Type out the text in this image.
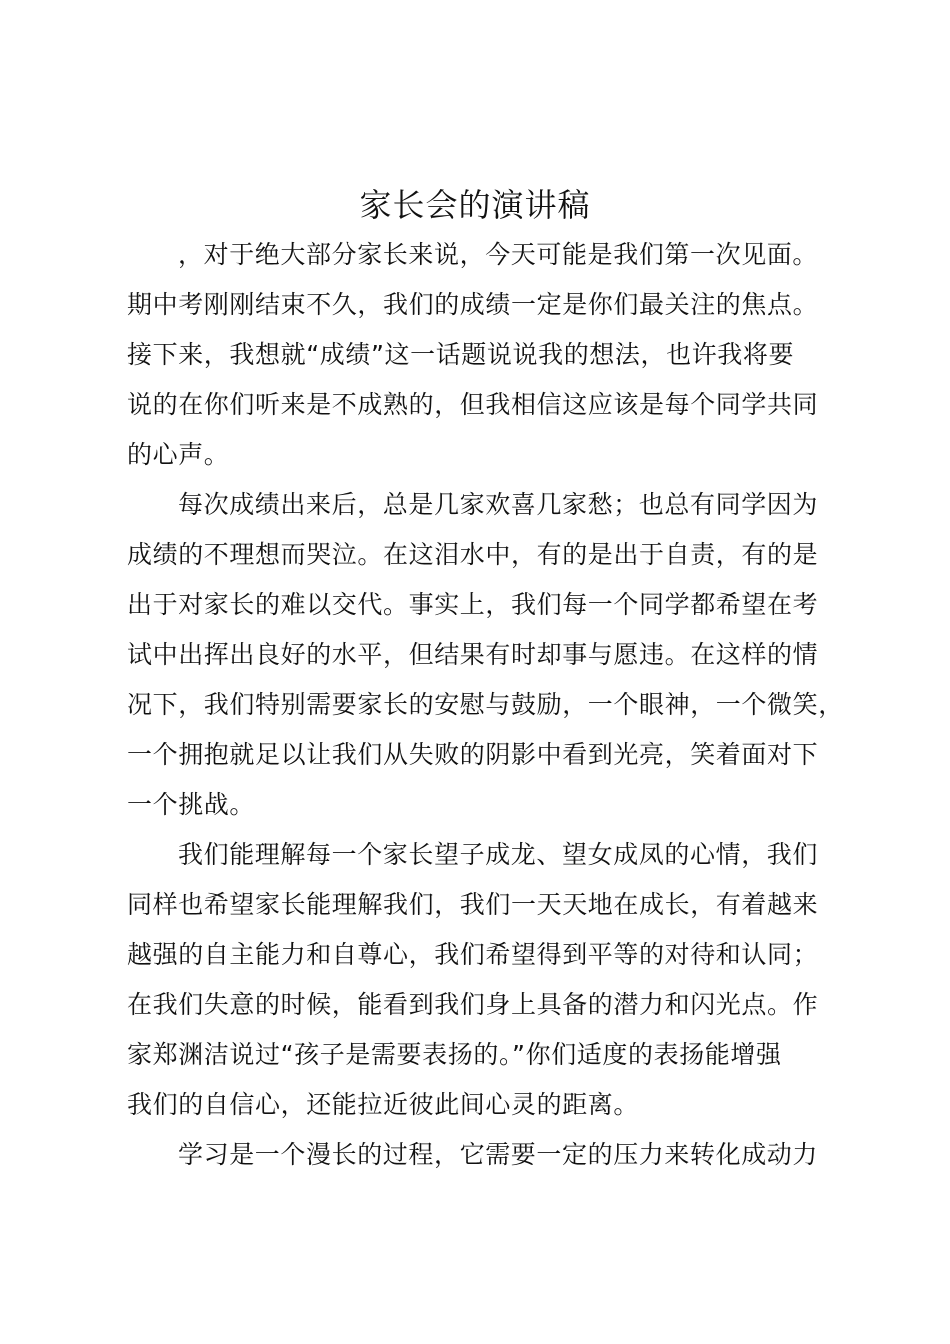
家长会的演讲稿
，对于绝大部分家长来说，今天可能是我们第一次见面。
期中考刚刚结束不久，我们的成绩一定是你们最关注的焦点。
接下来，我想就“成绩”这一话题说说我的想法，也许我将要
说的在你们听来是不成熟的，但我相信这应该是每个同学共同
的心声。
每次成绩出来后，总是几家欢喜几家愁；也总有同学因为
成绩的不理想而哭泣。在这泪水中，有的是出于自责，有的是
出于对家长的难以交代。事实上，我们每一个同学都希望在考
试中出挥出良好的水平，但结果有时却事与愿违。在这样的情
况下，我们特别需要家长的安慰与鼓励，一个眼神，一个微笑，
一个拥抱就足以让我们从失败的阴影中看到光亮，笑着面对下
一个挑战。
我们能理解每一个家长望子成龙、望女成凤的心情，我们
同样也希望家长能理解我们，我们一天天地在成长，有着越来
越强的自主能力和自尊心，我们希望得到平等的对待和认同；
在我们失意的时候，能看到我们身上具备的潜力和闪光点。作
家郑渊洁说过“孩子是需要表扬的。”你们适度的表扬能增强
我们的自信心，还能拉近彼此间心灵的距离。
学习是一个漫长的过程，它需要一定的压力来转化成动力
